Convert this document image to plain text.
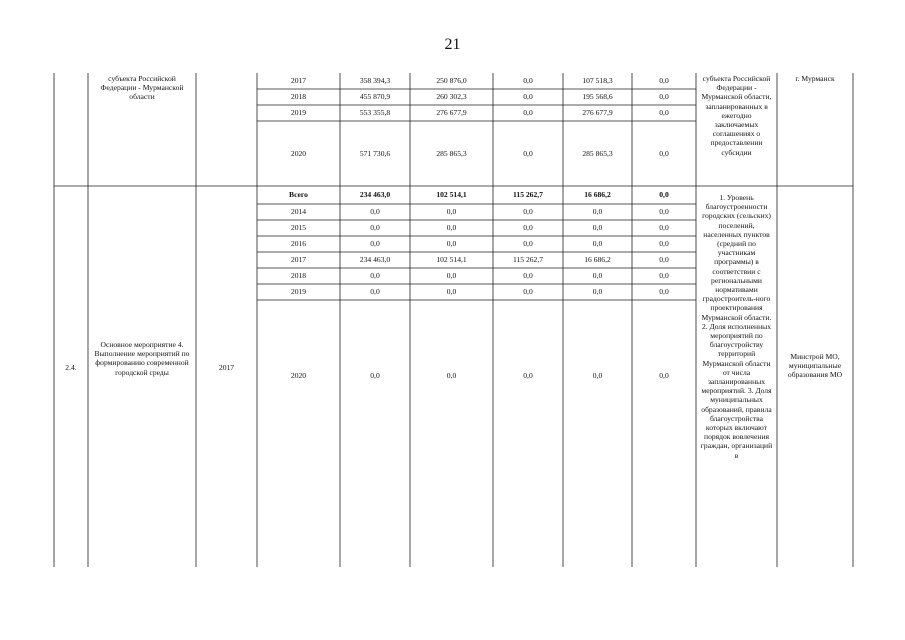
21
субъекта Российской Федерации - Мурманской области
2017	358 394,3	250 876,0	0,0	107 518,3	0,0
2018	455 870,9	260 302,3	0,0	195 568,6	0,0
2019	553 355,8	276 677,9	0,0	276 677,9	0,0
2020	571 730,6	285 865,3	0,0	285 865,3	0,0
субъекта Российской Федерации - Мурманской области, запланированных в ежегодно заключаемых соглашениях о предоставлении субсидии
г. Мурманск
2.4.
Основное мероприятие 4. Выполнение мероприятий по формированию современной городской среды
2017
Всего	234 463,0	102 514,1	115 262,7	16 686,2	0,0
2014	0,0	0,0	0,0	0,0	0,0
2015	0,0	0,0	0,0	0,0	0,0
2016	0,0	0,0	0,0	0,0	0,0
2017	234 463,0	102 514,1	115 262,7	16 686,2	0,0
2018	0,0	0,0	0,0	0,0	0,0
2019	0,0	0,0	0,0	0,0	0,0
2020	0,0	0,0	0,0	0,0	0,0
1. Уровень благоустроенности городских (сельских) поселений, населенных пунктов (средний по участникам программы) в соответствии с региональными нормативами градостроитель-ного проектирования Мурманской области. 2. Доля исполненных мероприятий по благоустройству территорий Мурманской области от числа запланированных мероприятий. 3. Доля муниципальных образований, правила благоустройства которых включают порядок вовлечения граждан, организаций в
Минстрой МО, муниципальные образования МО
